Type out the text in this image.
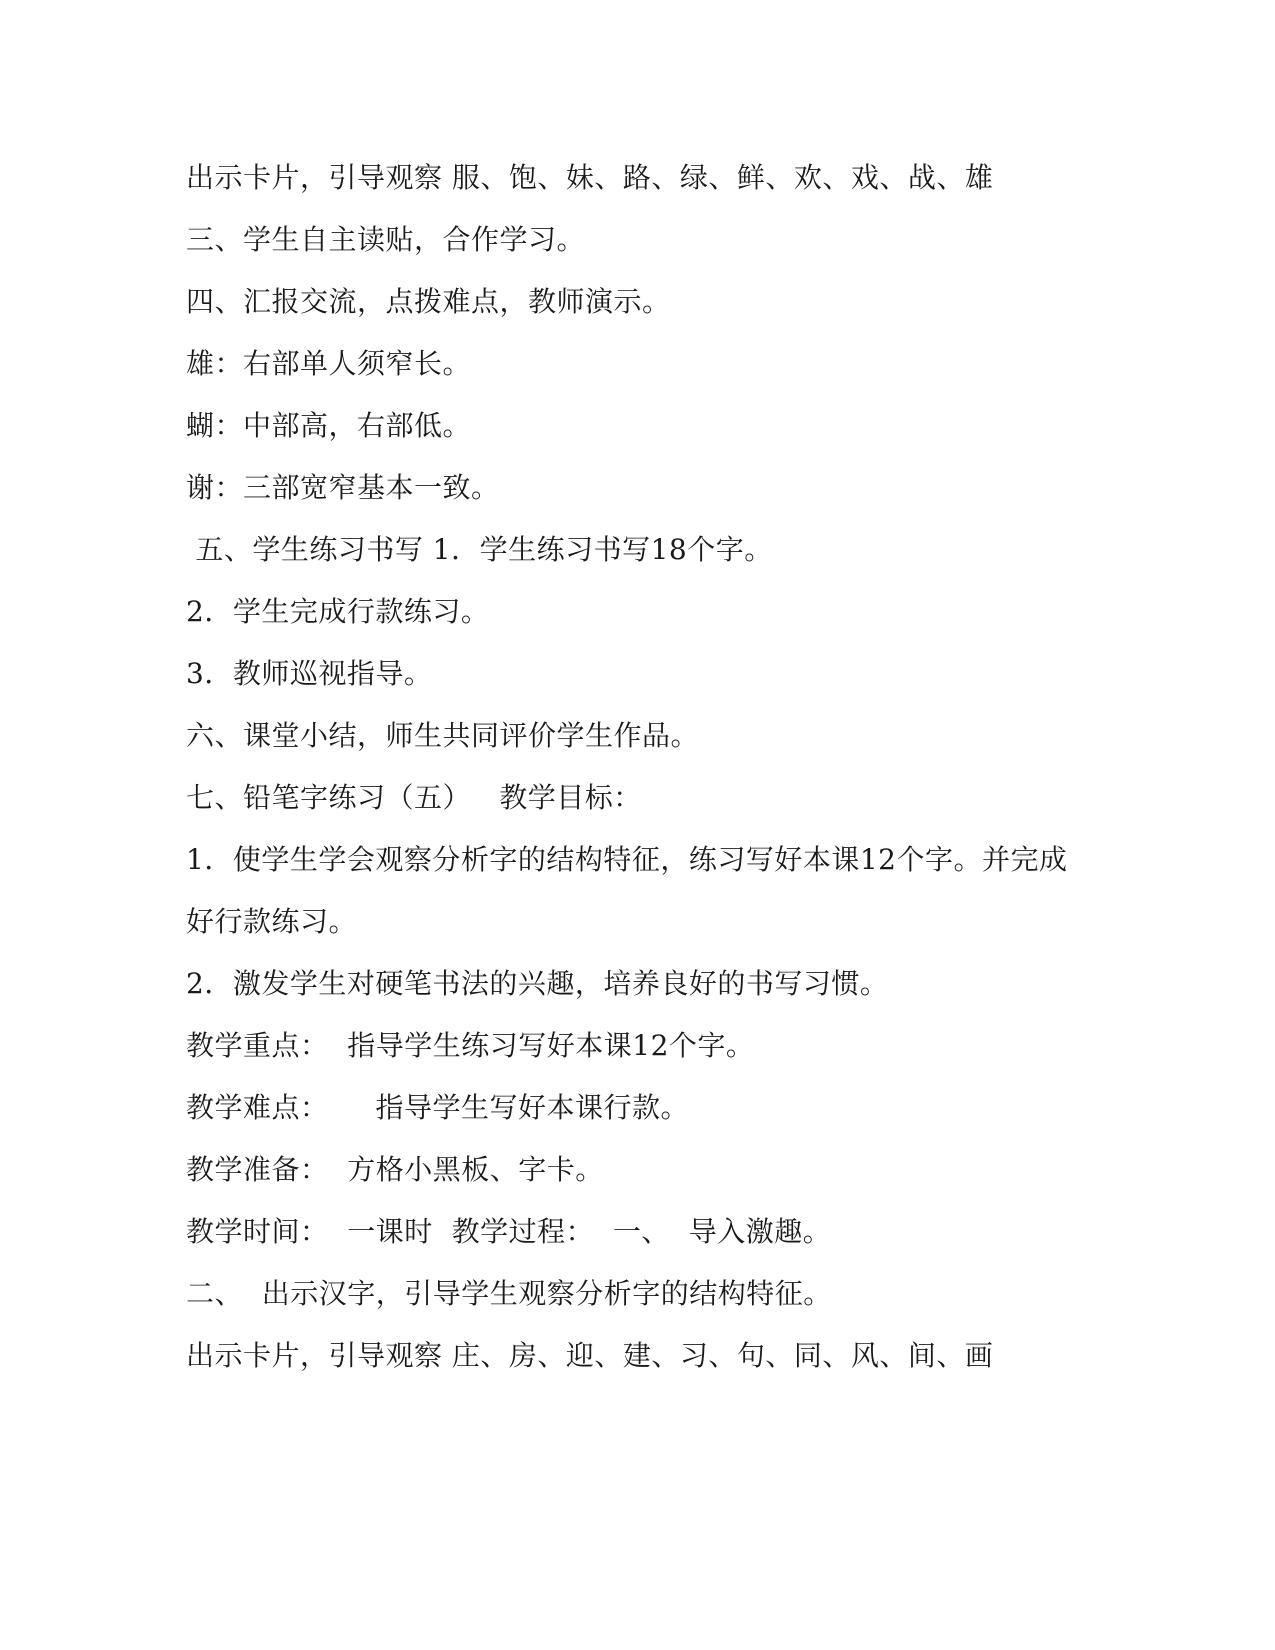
出示卡片，引导观察 服、饱、妹、路、绿、鲜、欢、戏、战、雄
三、学生自主读贴，合作学习。
四、汇报交流，点拨难点，教师演示。
雄：右部单人须窄长。
蝴：中部高，右部低。
谢：三部宽窄基本一致。
五、学生练习书写 1．学生练习书写18个字。
2．学生完成行款练习。
3．教师巡视指导。
六、课堂小结，师生共同评价学生作品。
七、铅笔字练习（五）   教学目标：
1．使学生学会观察分析字的结构特征，练习写好本课12个字。并完成
好行款练习。
2．激发学生对硬笔书法的兴趣，培养良好的书写习惯。
教学重点：  指导学生练习写好本课12个字。
教学难点：     指导学生写好本课行款。
教学准备：  方格小黑板、字卡。
教学时间：  一课时  教学过程：  一、  导入激趣。
二、  出示汉字，引导学生观察分析字的结构特征。
出示卡片，引导观察 庄、房、迎、建、习、句、同、风、间、画
